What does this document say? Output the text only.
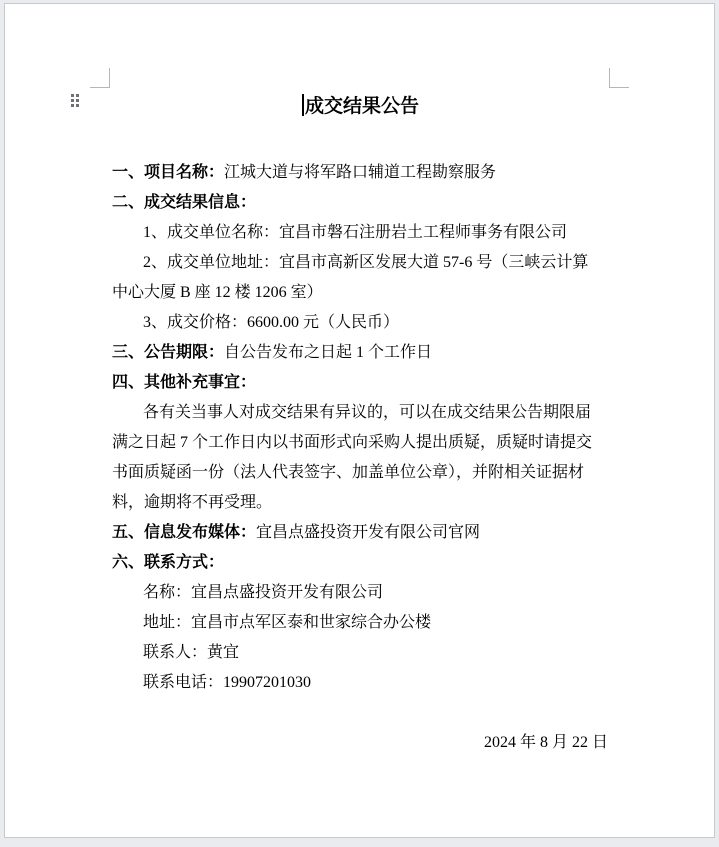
成交结果公告
一、项目名称：江城大道与将军路口辅道工程勘察服务
二、成交结果信息：
1、成交单位名称：宜昌市磐石注册岩土工程师事务有限公司
2、成交单位地址：宜昌市高新区发展大道 57-6 号（三峡云计算
中心大厦 B 座 12 楼 1206 室）
3、成交价格：6600.00 元（人民币）
三、公告期限：自公告发布之日起 1 个工作日
四、其他补充事宜：
各有关当事人对成交结果有异议的，可以在成交结果公告期限届
满之日起 7 个工作日内以书面形式向采购人提出质疑，质疑时请提交
书面质疑函一份（法人代表签字、加盖单位公章），并附相关证据材
料，逾期将不再受理。
五、信息发布媒体：宜昌点盛投资开发有限公司官网
六、联系方式：
名称：宜昌点盛投资开发有限公司
地址：宜昌市点军区泰和世家综合办公楼
联系人：黄宜
联系电话：19907201030
2024 年 8 月 22 日
